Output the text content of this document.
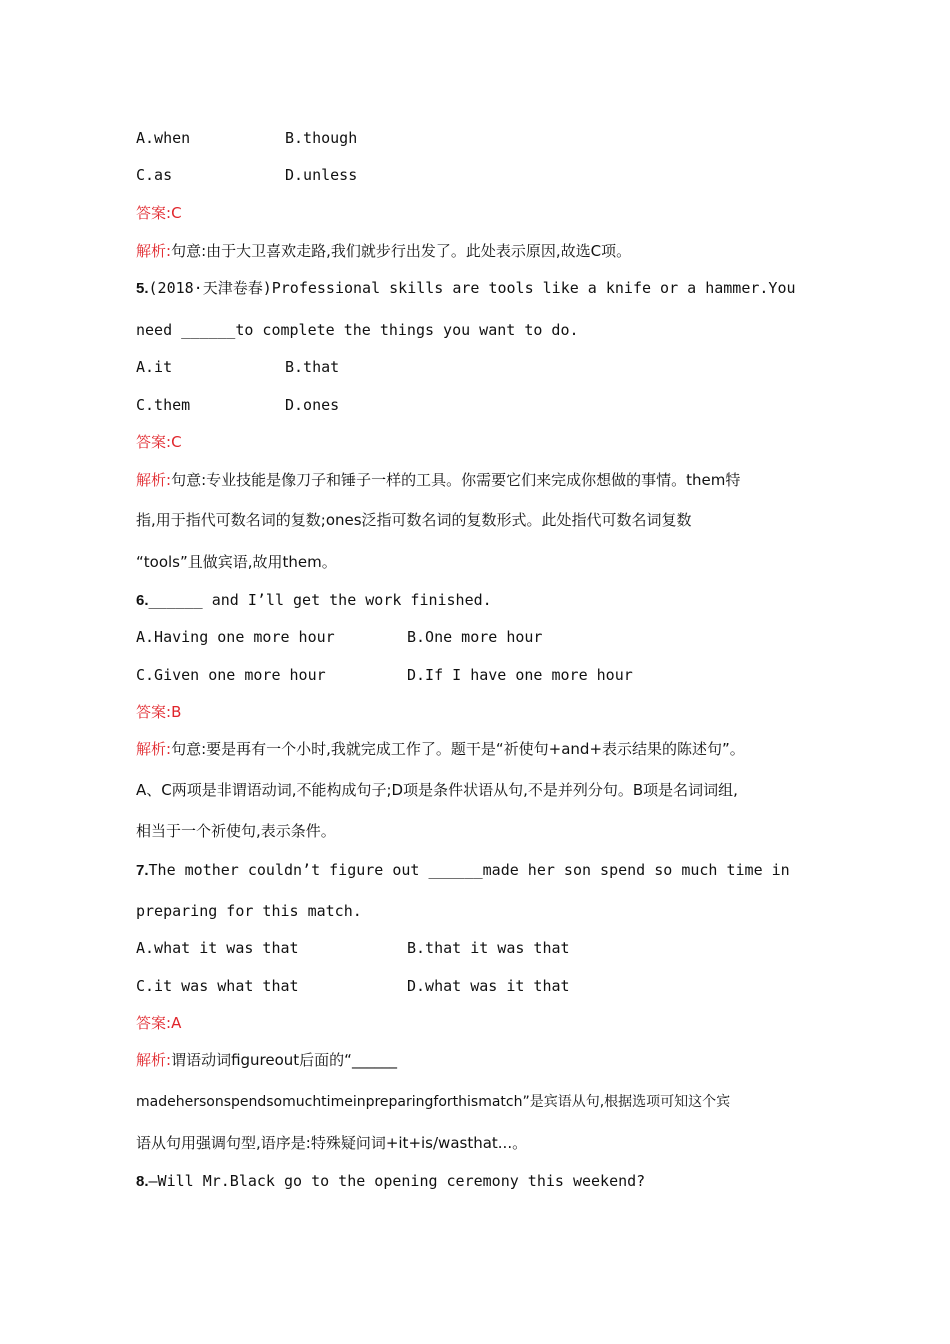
A.when	B.though
C.as	D.unless
答案:C
解析:句意:由于大卫喜欢走路,我们就步行出发了。此处表示原因,故选C项。
5.(2018·天津卷春)Professional skills are tools like a knife or a hammer.You
need ______to complete the things you want to do.
A.it	B.that
C.them	D.ones
答案:C
解析:句意:专业技能是像刀子和锤子一样的工具。你需要它们来完成你想做的事情。them特
指,用于指代可数名词的复数;ones泛指可数名词的复数形式。此处指代可数名词复数
“tools”且做宾语,故用them。
6.______ and I’ll get the work finished.
A.Having one more hour	B.One more hour
C.Given one more hour	D.If I have one more hour
答案:B
解析:句意:要是再有一个小时,我就完成工作了。题干是“祈使句+and+表示结果的陈述句”。
A、C两项是非谓语动词,不能构成句子;D项是条件状语从句,不是并列分句。B项是名词词组,
相当于一个祈使句,表示条件。
7.The mother couldn’t figure out ______made her son spend so much time in
preparing for this match.
A.what it was that	B.that it was that
C.it was what that	D.what was it that
答案:A
解析:谓语动词figureout后面的“______
madehersonspendsomuchtimeinpreparingforthismatch”是宾语从句,根据选项可知这个宾
语从句用强调句型,语序是:特殊疑问词+it+is/wasthat...。
8.—Will Mr.Black go to the opening ceremony this weekend?
